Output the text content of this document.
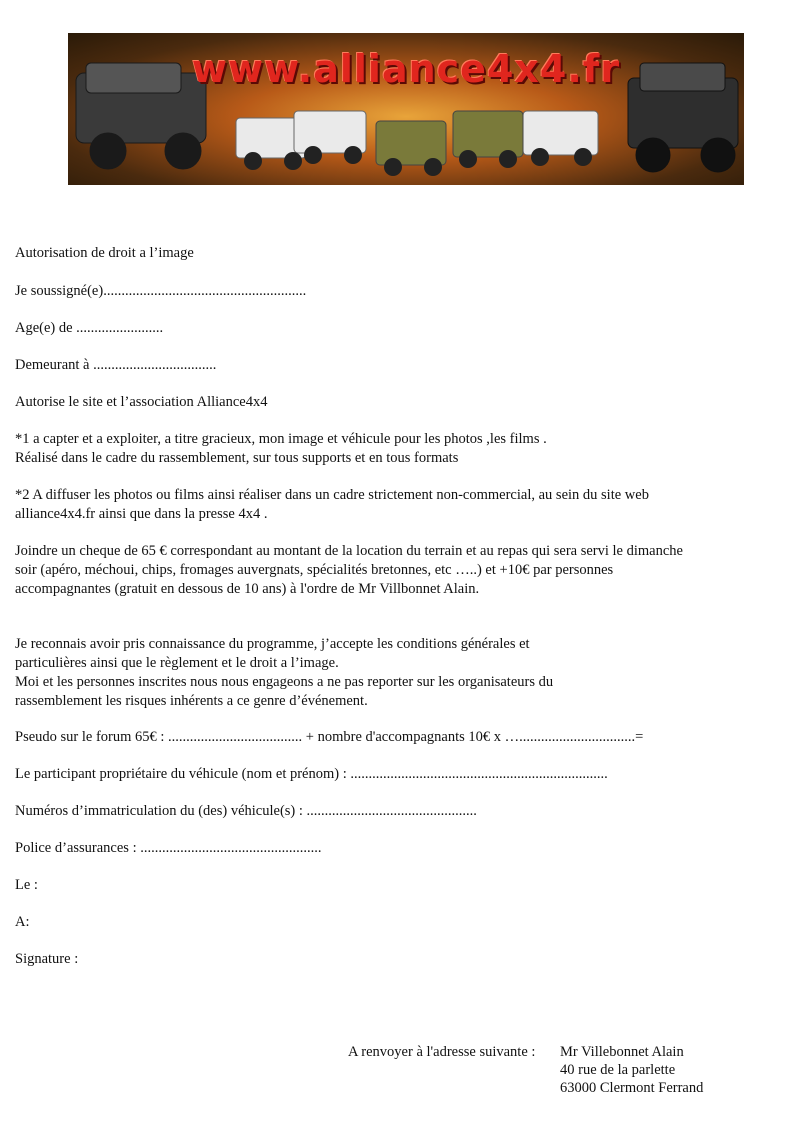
www.alliance4x4.fr
Autorisation de droit a l’image
Je soussigné(e)........................................................
Age(e) de ........................
Demeurant à ..................................
Autorise le site et l’association Alliance4x4
*1 a capter et a exploiter, a titre gracieux, mon image et véhicule pour les photos ,les films .
Réalisé dans le cadre du rassemblement, sur tous supports et en tous formats
*2 A diffuser les photos ou films ainsi réaliser dans un cadre strictement non-commercial, au sein du site web
alliance4x4.fr ainsi que dans la presse 4x4 .
Joindre un cheque de 65 € correspondant au montant de la location du terrain et au repas qui sera servi le dimanche
soir (apéro, méchoui, chips, fromages auvergnats, spécialités bretonnes, etc …..) et +10€ par personnes
accompagnantes (gratuit en dessous de 10 ans) à l'ordre de Mr Villbonnet Alain.
Je reconnais avoir pris connaissance du programme, j’accepte les conditions générales et
particulières ainsi que le règlement et le droit a l’image.
Moi et les personnes inscrites nous nous engageons a ne pas reporter sur les organisateurs du
rassemblement les risques inhérents a ce genre d’événement.
Pseudo sur le forum 65€ : ..................................... + nombre d'accompagnants 10€ x …................................=
Le participant propriétaire du véhicule (nom et prénom) : .......................................................................
Numéros d’immatriculation du (des) véhicule(s) : ...............................................
Police d’assurances : ..................................................
Le :
A:
Signature :
A renvoyer à l'adresse suivante : Mr Villebonnet Alain
40 rue de la parlette
63000 Clermont Ferrand
